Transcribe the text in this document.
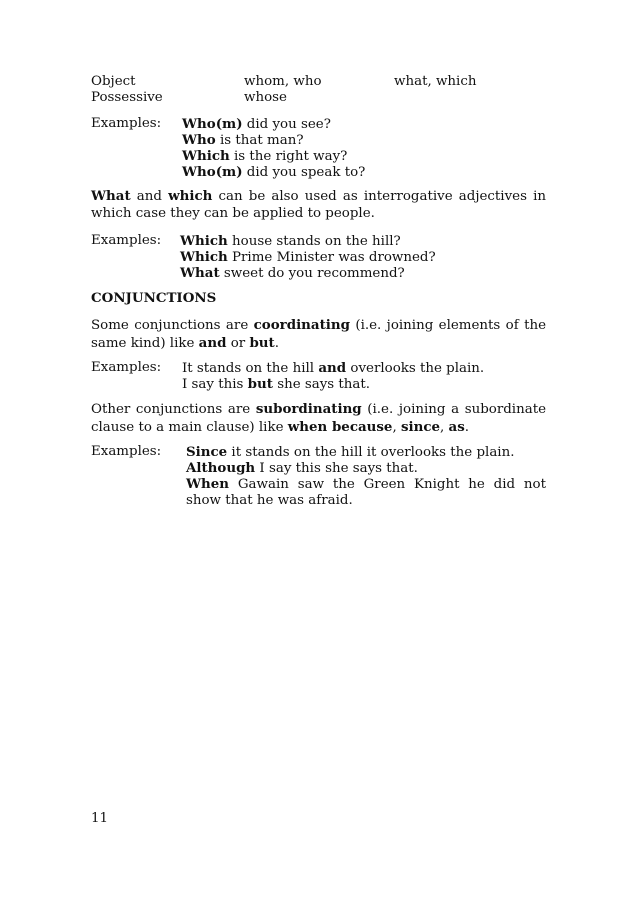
Object	whom, who	what, which
Possessive	whose
Examples: Who(m) did you see?
Who is that man?
Which is the right way?
Who(m) did you speak to?

What and which can be also used as interrogative adjectives in which case they can be applied to people.

Examples: Which house stands on the hill?
Which Prime Minister was drowned?
What sweet do you recommend?
CONJUNCTIONS

Some conjunctions are coordinating (i.e. joining elements of the same kind) like and or but.

Examples: It stands on the hill and overlooks the plain.
I say this but she says that.

Other conjunctions are subordinating (i.e. joining a subordinate clause to a main clause) like when because, since, as.

Examples: Since it stands on the hill it overlooks the plain.
Although I say this she says that.
When Gawain saw the Green Knight he did not show that he was afraid.
11
